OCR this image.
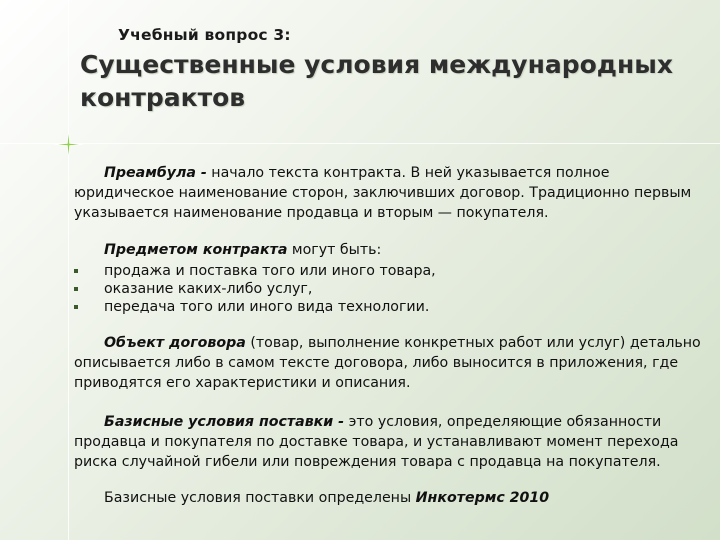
Учебный вопрос 3:
Существенные условия международных контрактов

Преамбула - начало текста контракта. В ней указывается полное юридическое наименование сторон, заключивших договор. Традиционно первым указывается наименование продавца и вторым — покупателя.

Предметом контракта могут быть:

продажа и поставка того или иного товара,
оказание каких-либо услуг,
передача того или иного вида технологии.

Объект договора (товар, выполнение конкретных работ или услуг) детально описывается либо в самом тексте договора, либо выносится в приложения, где приводятся его характеристики и описания.

Базисные условия поставки - это условия, определяющие обязанности продавца и покупателя по доставке товара, и устанавливают момент перехода риска случайной гибели или повреждения товара с продавца на покупателя.

Базисные условия поставки определены Инкотермс 2010
